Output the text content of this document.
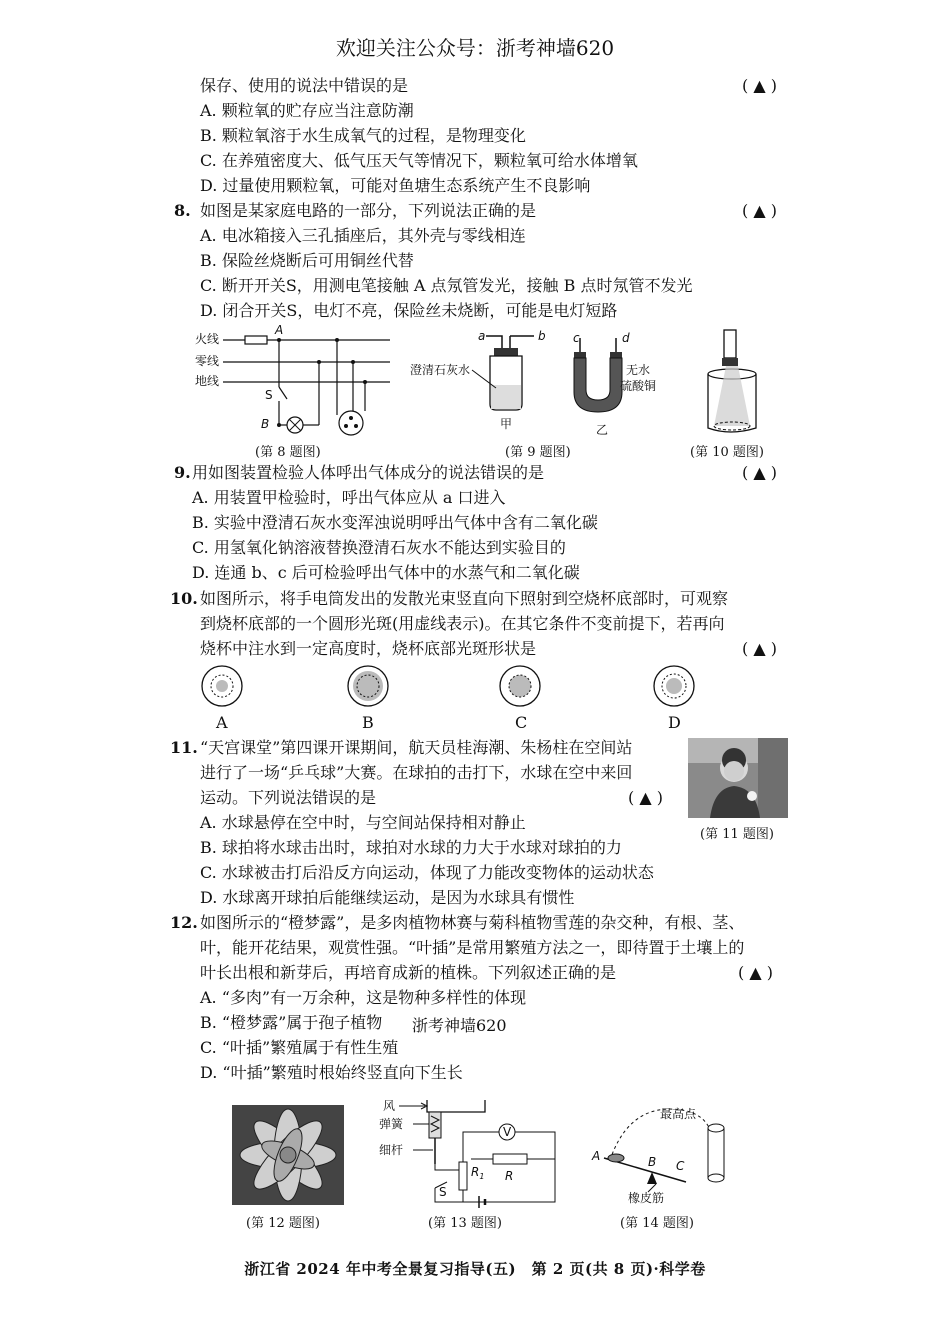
欢迎关注公众号：浙考神墙620
保存、使用的说法中错误的是	( ▲ )
A. 颗粒氧的贮存应当注意防潮
B. 颗粒氧溶于水生成氧气的过程，是物理变化
C. 在养殖密度大、低气压天气等情况下，颗粒氧可给水体增氧
D. 过量使用颗粒氧，可能对鱼塘生态系统产生不良影响
8. 如图是某家庭电路的一部分，下列说法正确的是	( ▲ )
A. 电冰箱接入三孔插座后，其外壳与零线相连
B. 保险丝烧断后可用铜丝代替
C. 断开开关S，用测电笔接触 A 点氖管发光，接触 B 点时氖管不发光
D. 闭合开关S，电灯不亮，保险丝未烧断，可能是电灯短路
火线
零线
地线
A
S
B
(第 8 题图)
a	b
澄清石灰水
甲
c	d
无水
硫酸铜
乙
(第 9 题图)	(第 10 题图)
9. 用如图装置检验人体呼出气体成分的说法错误的是	( ▲ )
A. 用装置甲检验时，呼出气体应从 a 口进入
B. 实验中澄清石灰水变浑浊说明呼出气体中含有二氧化碳
C. 用氢氧化钠溶液替换澄清石灰水不能达到实验目的
D. 连通 b、c 后可检验呼出气体中的水蒸气和二氧化碳
10. 如图所示，将手电筒发出的发散光束竖直向下照射到空烧杯底部时，可观察
到烧杯底部的一个圆形光斑(用虚线表示)。在其它条件不变前提下，若再向
烧杯中注水到一定高度时，烧杯底部光斑形状是	( ▲ )
A	B	C	D
11. “天宫课堂”第四课开课期间，航天员桂海潮、朱杨柱在空间站
进行了一场“乒乓球”大赛。在球拍的击打下，水球在空中来回
运动。下列说法错误的是	( ▲ )
A. 水球悬停在空中时，与空间站保持相对静止
B. 球拍将水球击出时，球拍对水球的力大于水球对球拍的力
C. 水球被击打后沿反方向运动，体现了力能改变物体的运动状态
D. 水球离开球拍后能继续运动，是因为水球具有惯性
(第 11 题图)
12. 如图所示的“橙梦露”，是多肉植物林赛与菊科植物雪莲的杂交种，有根、茎、
叶，能开花结果，观赏性强。“叶插”是常用繁殖方法之一，即待置于土壤上的
叶长出根和新芽后，再培育成新的植株。下列叙述正确的是	( ▲ )
A. “多肉”有一万余种，这是物种多样性的体现
B. “橙梦露”属于孢子植物 浙考神墙620
C. “叶插”繁殖属于有性生殖
D. “叶插”繁殖时根始终竖直向下生长
(第 12 题图)
风
弹簧
细杆
$R_1$ R
V
S
(第 13 题图)
最高点
A	B C
橡皮筋
(第 14 题图)
浙江省 2024 年中考全景复习指导(五)　第 2 页(共 8 页)·科学卷
